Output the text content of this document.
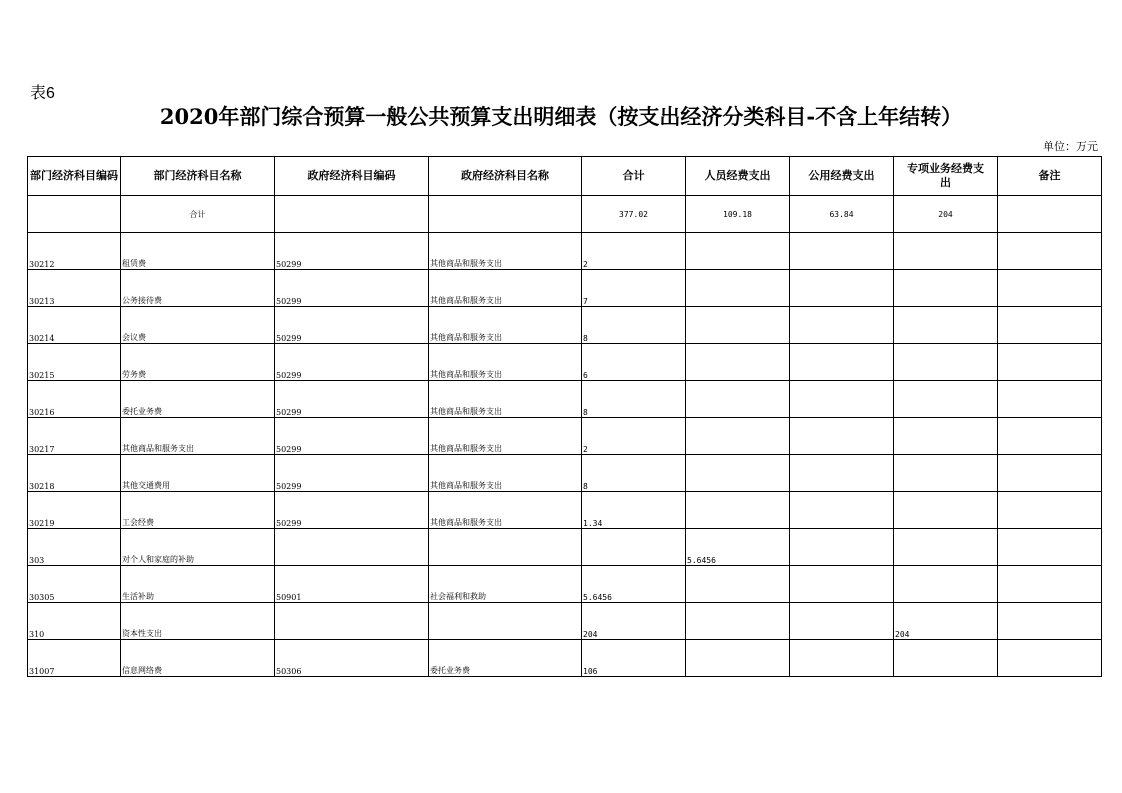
表6
2020年部门综合预算一般公共预算支出明细表（按支出经济分类科目-不含上年结转）
单位：万元
部门经济科目编码	部门经济科目名称	政府经济科目编码	政府经济科目名称	合计	人员经费支出	公用经费支出	专项业务经费支出	备注
	合计			377.02	109.18	63.84	204	
30212	租赁费	50299	其他商品和服务支出	2				
30213	公务接待费	50299	其他商品和服务支出	7				
30214	会议费	50299	其他商品和服务支出	8				
30215	劳务费	50299	其他商品和服务支出	6				
30216	委托业务费	50299	其他商品和服务支出	8				
30217	其他商品和服务支出	50299	其他商品和服务支出	2				
30218	其他交通费用	50299	其他商品和服务支出	8				
30219	工会经费	50299	其他商品和服务支出	1.34				
303	对个人和家庭的补助				5.6456			
30305	生活补助	50901	社会福利和救助	5.6456				
310	资本性支出			204			204	
31007	信息网络费	50306	委托业务费	106				
